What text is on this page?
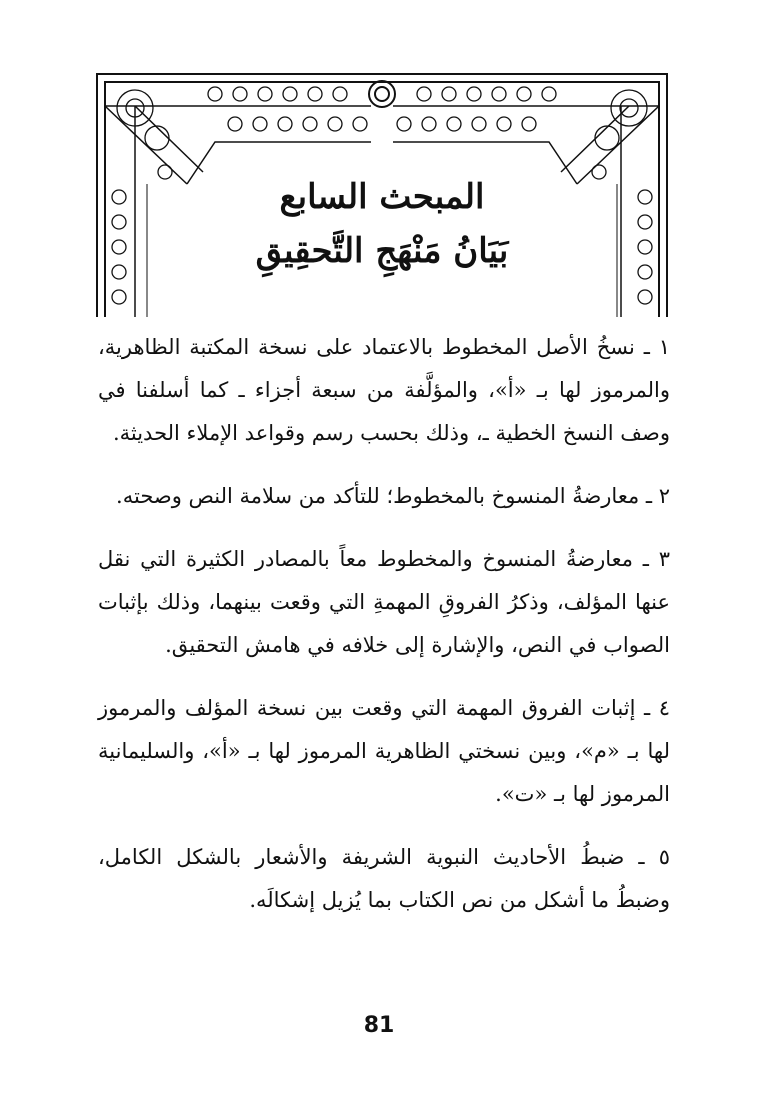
المبحث السابع
بَيَانُ مَنْهَجِ التَّحقِيقِ

١ ـ نسخُ الأصل المخطوط بالاعتماد على نسخة المكتبة الظاهرية، والمرموز لها بـ «أ»، والمؤلَّفة من سبعة أجزاء ـ كما أسلفنا في وصف النسخ الخطية ـ، وذلك بحسب رسم وقواعد الإملاء الحديثة.

٢ ـ معارضةُ المنسوخ بالمخطوط؛ للتأكد من سلامة النص وصحته.

٣ ـ معارضةُ المنسوخ والمخطوط معاً بالمصادر الكثيرة التي نقل عنها المؤلف، وذكرُ الفروقِ المهمةِ التي وقعت بينهما، وذلك بإثبات الصواب في النص، والإشارة إلى خلافه في هامش التحقيق.

٤ ـ إثبات الفروق المهمة التي وقعت بين نسخة المؤلف والمرموز لها بـ «م»، وبين نسختي الظاهرية المرموز لها بـ «أ»، والسليمانية المرموز لها بـ «ت».

٥ ـ ضبطُ الأحاديث النبوية الشريفة والأشعار بالشكل الكامل، وضبطُ ما أشكل من نص الكتاب بما يُزيل إشكالَه.

81
